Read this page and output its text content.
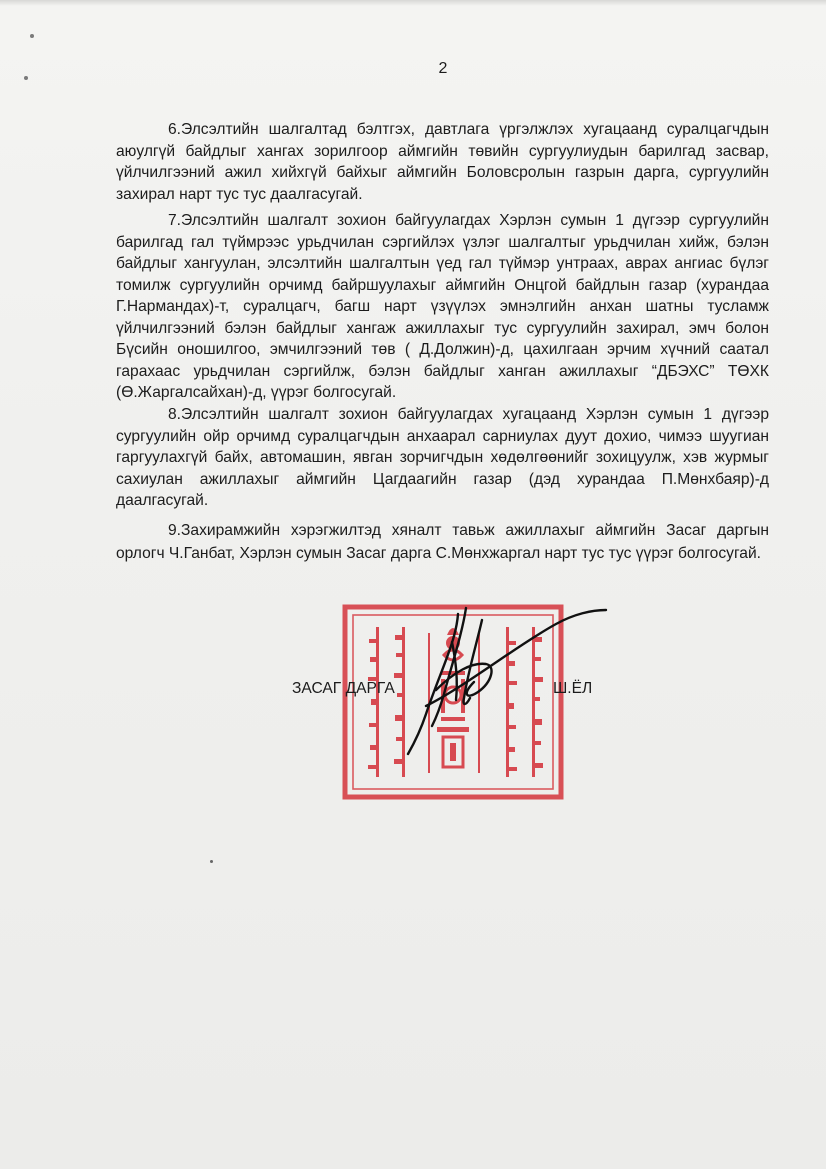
2

6.Элсэлтийн шалгалтад бэлтгэх, давтлага үргэлжлэх хугацаанд суралцагчдын аюулгүй байдлыг хангах зорилгоор аймгийн төвийн сургуулиудын барилгад засвар, үйлчилгээний ажил хийхгүй байхыг аймгийн Боловсролын газрын дарга, сургуулийн захирал нарт тус тус даалгасугай.

7.Элсэлтийн шалгалт зохион байгуулагдах Хэрлэн сумын 1 дүгээр сургуулийн барилгад гал түймрээс урьдчилан сэргийлэх үзлэг шалгалтыг урьдчилан хийж, бэлэн байдлыг хангуулан, элсэлтийн шалгалтын үед гал түймэр унтраах, аврах ангиас бүлэг томилж сургуулийн орчимд байршуулахыг аймгийн Онцгой байдлын газар (хурандаа Г.Нармандах)-т, суралцагч, багш нарт үзүүлэх эмнэлгийн анхан шатны тусламж үйлчилгээний бэлэн байдлыг хангаж ажиллахыг тус сургуулийн захирал, эмч болон Бүсийн оношилгоо, эмчилгээний төв ( Д.Должин)-д, цахилгаан эрчим хүчний саатал гарахаас урьдчилан сэргийлж, бэлэн байдлыг ханган ажиллахыг “ДБЭХС” ТӨХК (Ө.Жаргалсайхан)-д, үүрэг болгосугай.

8.Элсэлтийн шалгалт зохион байгуулагдах хугацаанд Хэрлэн сумын 1 дүгээр сургуулийн ойр орчимд суралцагчдын анхаарал сарниулах дуут дохио, чимээ шуугиан гаргуулахгүй байх, автомашин, явган зорчигчдын хөдөлгөөнийг зохицуулж, хэв журмыг сахиулан ажиллахыг аймгийн Цагдаагийн газар (дэд хурандаа П.Мөнхбаяр)-д даалгасугай.

9.Захирамжийн хэрэгжилтэд хяналт тавьж ажиллахыг аймгийн Засаг даргын орлогч Ч.Ганбат, Хэрлэн сумын Засаг дарга С.Мөнхжаргал нарт тус тус үүрэг болгосугай.

ЗАСАГ ДАРГА	Ш.ЁЛ
